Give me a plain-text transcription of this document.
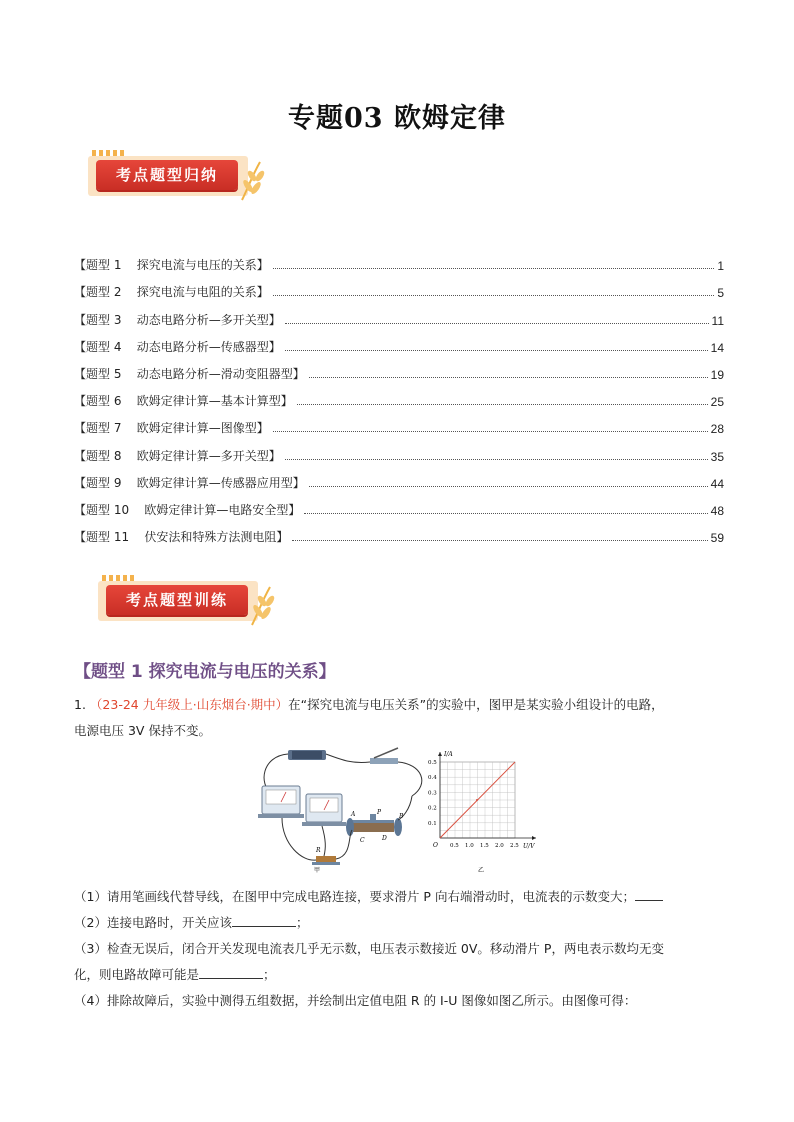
专题03 欧姆定律
考点题型归纳
【题型 1    探究电流与电压的关系】	1
【题型 2    探究电流与电阻的关系】	5
【题型 3    动态电路分析—多开关型】	11
【题型 4    动态电路分析—传感器型】	14
【题型 5    动态电路分析—滑动变阻器型】	19
【题型 6    欧姆定律计算—基本计算型】	25
【题型 7    欧姆定律计算—图像型】	28
【题型 8    欧姆定律计算—多开关型】	35
【题型 9    欧姆定律计算—传感器应用型】	44
【题型 10    欧姆定律计算—电路安全型】	48
【题型 11    伏安法和特殊方法测电阻】	59
考点题型训练
【题型 1 探究电流与电压的关系】
1. （23-24 九年级上·山东烟台·期中）在“探究电流与电压关系”的实验中，图甲是某实验小组设计的电路，
电源电压 3V 保持不变。
A	P
B
C	D
R
甲
I/A
U/V
O
0.5
0.4
0.3
0.2
0.1
0.5 1.0 1.5 2.0 2.5
乙
（1）请用笔画线代替导线，在图甲中完成电路连接，要求滑片 P 向右端滑动时，电流表的示数变大；
（2）连接电路时，开关应该	；
（3）检查无误后，闭合开关发现电流表几乎无示数，电压表示数接近 0V。移动滑片 P，两电表示数均无变
化，则电路故障可能是	；
（4）排除故障后，实验中测得五组数据，并绘制出定值电阻 R 的 I-U 图像如图乙所示。由图像可得：
